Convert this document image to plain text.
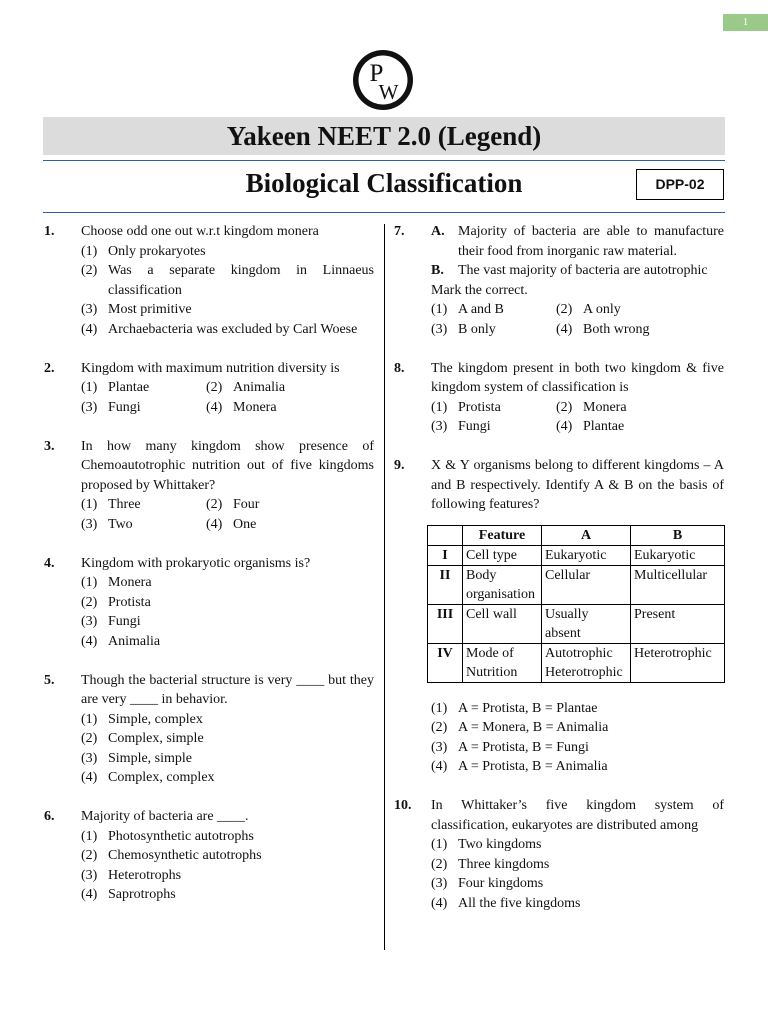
1
P
W
Yakeen NEET 2.0 (Legend)
Biological Classification	DPP-02
1. Choose odd one out w.r.t kingdom monera
(1) Only prokaryotes
(2) Was a separate kingdom in Linnaeus classification
(3) Most primitive
(4) Archaebacteria was excluded by Carl Woese
2. Kingdom with maximum nutrition diversity is
(1) Plantae	(2) Animalia
(3) Fungi	(4) Monera
3. In how many kingdom show presence of Chemoautotrophic nutrition out of five kingdoms proposed by Whittaker?
(1) Three	(2) Four
(3) Two	(4) One
4. Kingdom with prokaryotic organisms is?
(1) Monera
(2) Protista
(3) Fungi
(4) Animalia
5. Though the bacterial structure is very ____ but they are very ____ in behavior.
(1) Simple, complex
(2) Complex, simple
(3) Simple, simple
(4) Complex, complex
6. Majority of bacteria are ____.
(1) Photosynthetic autotrophs
(2) Chemosynthetic autotrophs
(3) Heterotrophs
(4) Saprotrophs
7. A. Majority of bacteria are able to manufacture their food from inorganic raw material.
B.	The vast majority of bacteria are autotrophic
Mark the correct.
(1) A and B	(2) A only
(3) B only	(4) Both wrong
8. The kingdom present in both two kingdom & five kingdom system of classification is
(1) Protista	(2) Monera
(3) Fungi	(4) Plantae
9. X & Y organisms belong to different kingdoms – A and B respectively. Identify A & B on the basis of following features?
	Feature	A	B
I	Cell type	Eukaryotic	Eukaryotic
II	Body organisation	Cellular	Multicellular
III	Cell wall	Usually absent	Present
IV	Mode of Nutrition	Autotrophic Heterotrophic	Heterotrophic
(1) A = Protista, B = Plantae
(2) A = Monera, B = Animalia
(3) A = Protista, B = Fungi
(4) A = Protista, B = Animalia
10. In Whittaker’s five kingdom system of classification, eukaryotes are distributed among
(1) Two kingdoms
(2) Three kingdoms
(3) Four kingdoms
(4) All the five kingdoms
